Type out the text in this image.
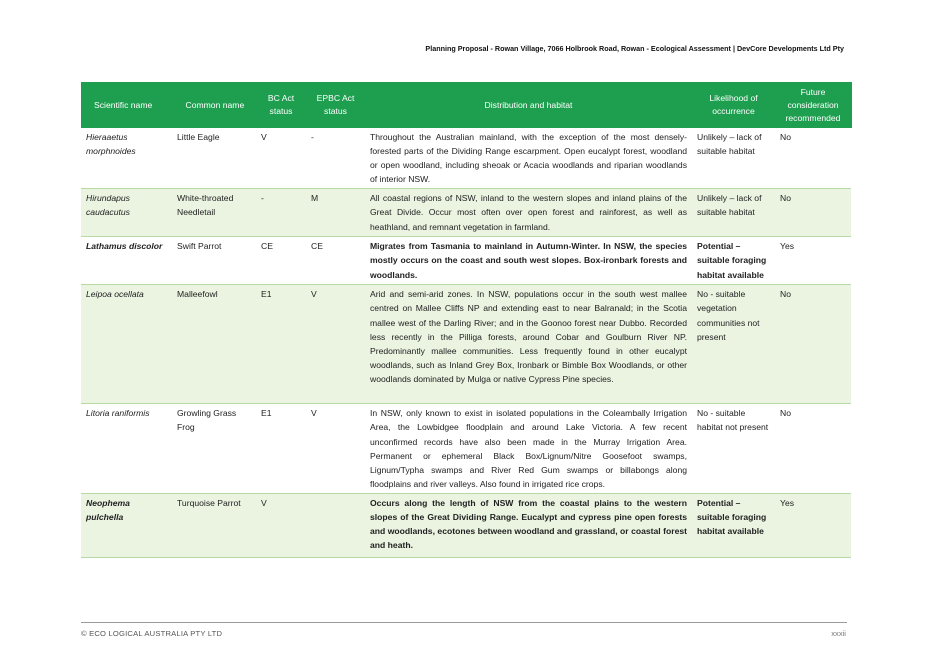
Planning Proposal - Rowan Village, 7066 Holbrook Road, Rowan - Ecological Assessment | DevCore Developments Ltd Pty
Scientific name	Common name	BC Act status	EPBC Act status	Distribution and habitat	Likelihood of occurrence	Future consideration recommended
Hieraaetus morphnoides	Little Eagle	V	-	Throughout the Australian mainland, with the exception of the most densely-forested parts of the Dividing Range escarpment. Open eucalypt forest, woodland or open woodland, including sheoak or Acacia woodlands and riparian woodlands of interior NSW.	Unlikely – lack of suitable habitat	No
Hirundapus caudacutus	White-throated Needletail	-	M	All coastal regions of NSW, inland to the western slopes and inland plains of the Great Divide. Occur most often over open forest and rainforest, as well as heathland, and remnant vegetation in farmland.	Unlikely – lack of suitable habitat	No
Lathamus discolor	Swift Parrot	CE	CE	Migrates from Tasmania to mainland in Autumn-Winter. In NSW, the species mostly occurs on the coast and south west slopes. Box-ironbark forests and woodlands.	Potential – suitable foraging habitat available	Yes
Leipoa ocellata	Malleefowl	E1	V	Arid and semi-arid zones. In NSW, populations occur in the south west mallee centred on Mallee Cliffs NP and extending east to near Balranald; in the Scotia mallee west of the Darling River; and in the Goonoo forest near Dubbo. Recorded less recently in the Pilliga forests, around Cobar and Goulburn River NP. Predominantly mallee communities. Less frequently found in other eucalypt woodlands, such as Inland Grey Box, Ironbark or Bimble Box Woodlands, or other woodlands dominated by Mulga or native Cypress Pine species.	No - suitable vegetation communities not present	No
Litoria raniformis	Growling Grass Frog	E1	V	In NSW, only known to exist in isolated populations in the Coleambally Irrigation Area, the Lowbidgee floodplain and around Lake Victoria. A few recent unconfirmed records have also been made in the Murray Irrigation Area. Permanent or ephemeral Black Box/Lignum/Nitre Goosefoot swamps, Lignum/Typha swamps and River Red Gum swamps or billabongs along floodplains and river valleys. Also found in irrigated rice crops.	No - suitable habitat not present	No
Neophema pulchella	Turquoise Parrot	V		Occurs along the length of NSW from the coastal plains to the western slopes of the Great Dividing Range. Eucalypt and cypress pine open forests and woodlands, ecotones between woodland and grassland, or coastal forest and heath.	Potential – suitable foraging habitat available	Yes
© ECO LOGICAL AUSTRALIA PTY LTD	xxxii
